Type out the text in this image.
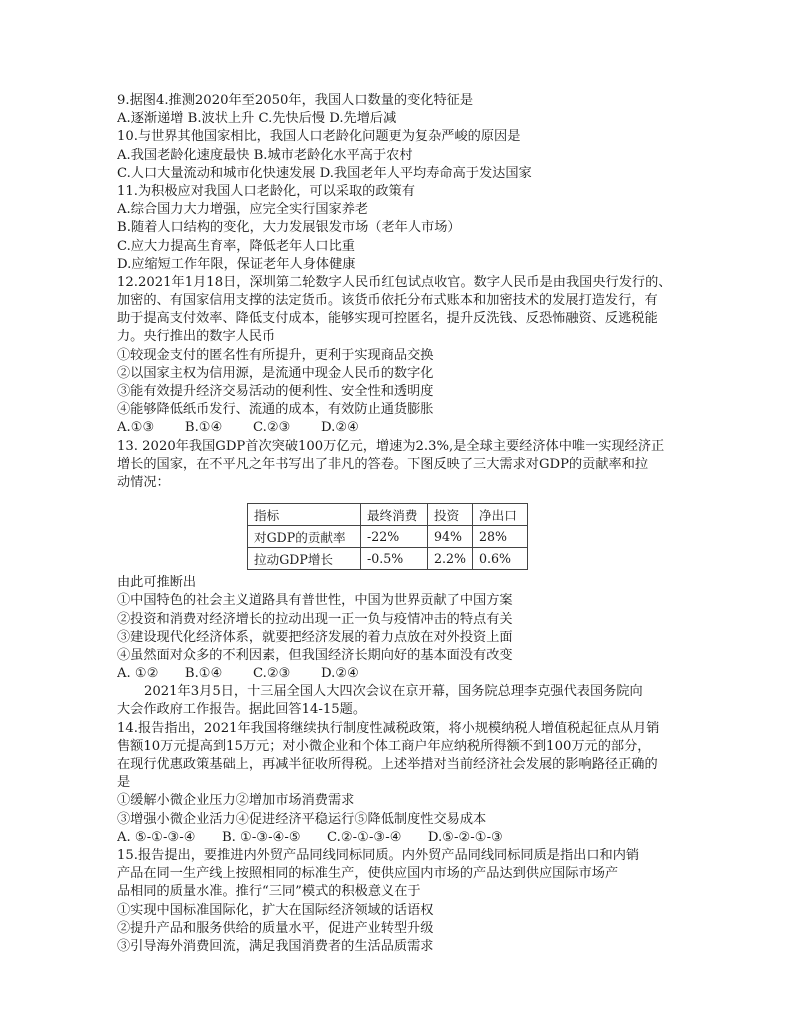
9.据图4.推测2020年至2050年，我国人口数量的变化特征是
A.逐渐递增 B.波状上升 C.先快后慢 D.先增后减
10.与世界其他国家相比，我国人口老龄化问题更为复杂严峻的原因是
A.我国老龄化速度最快 B.城市老龄化水平高于农村
C.人口大量流动和城市化快速发展 D.我国老年人平均寿命高于发达国家
11.为积极应对我国人口老龄化，可以采取的政策有
A.综合国力大力增强，应完全实行国家养老
B.随着人口结构的变化，大力发展银发市场（老年人市场）
C.应大力提高生育率，降低老年人口比重
D.应缩短工作年限，保证老年人身体健康
12.2021年1月18日，深圳第二轮数字人民币红包试点收官。数字人民币是由我国央行发行的、
加密的、有国家信用支撑的法定货币。该货币依托分布式账本和加密技术的发展打造发行，有
助于提高支付效率、降低支付成本，能够实现可控匿名，提升反洗钱、反恐怖融资、反逃税能
力。央行推出的数字人民币
①较现金支付的匿名性有所提升，更利于实现商品交换
②以国家主权为信用源，是流通中现金人民币的数字化
③能有效提升经济交易活动的便利性、安全性和透明度
④能够降低纸币发行、流通的成本，有效防止通货膨胀
A.①③　　 B.①④　　 C.②③　　 D.②④
13. 2020年我国GDP首次突破100万亿元，增速为2.3%,是全球主要经济体中唯一实现经济正
增长的国家，在不平凡之年书写出了非凡的答卷。下图反映了三大需求对GDP的贡献率和拉
动情况：
指标	最终消费	投资	净出口
对GDP的贡献率	-22%	94%	28%
拉动GDP增长	-0.5%	2.2%	0.6%
由此可推断出
①中国特色的社会主义道路具有普世性，中国为世界贡献了中国方案
②投资和消费对经济增长的拉动出现一正一负与疫情冲击的特点有关
③建设现代化经济体系，就要把经济发展的着力点放在对外投资上面
④虽然面对众多的不利因素，但我国经济长期向好的基本面没有改变
A. ①②　　B.①④　　 C.②③　　 D.②④
2021年3月5日，十三届全国人大四次会议在京开幕，国务院总理李克强代表国务院向
大会作政府工作报告。据此回答14-15题。
14.报告指出，2021年我国将继续执行制度性减税政策，将小规模纳税人增值税起征点从月销
售额10万元提高到15万元；对小微企业和个体工商户年应纳税所得额不到100万元的部分，
在现行优惠政策基础上，再减半征收所得税。上述举措对当前经济社会发展的影响路径正确的
是
①缓解小微企业压力②增加市场消费需求
③增强小微企业活力④促进经济平稳运行⑤降低制度性交易成本
A. ⑤-①-③-④　　B. ①-③-④-⑤　　C.②-①-③-④　　D.⑤-②-①-③
15.报告提出，要推进内外贸产品同线同标同质。内外贸产品同线同标同质是指出口和内销
产品在同一生产线上按照相同的标准生产，使供应国内市场的产品达到供应国际市场产
品相同的质量水准。推行“三同”模式的积极意义在于
①实现中国标准国际化，扩大在国际经济领域的话语权
②提升产品和服务供给的质量水平，促进产业转型升级
③引导海外消费回流，满足我国消费者的生活品质需求
